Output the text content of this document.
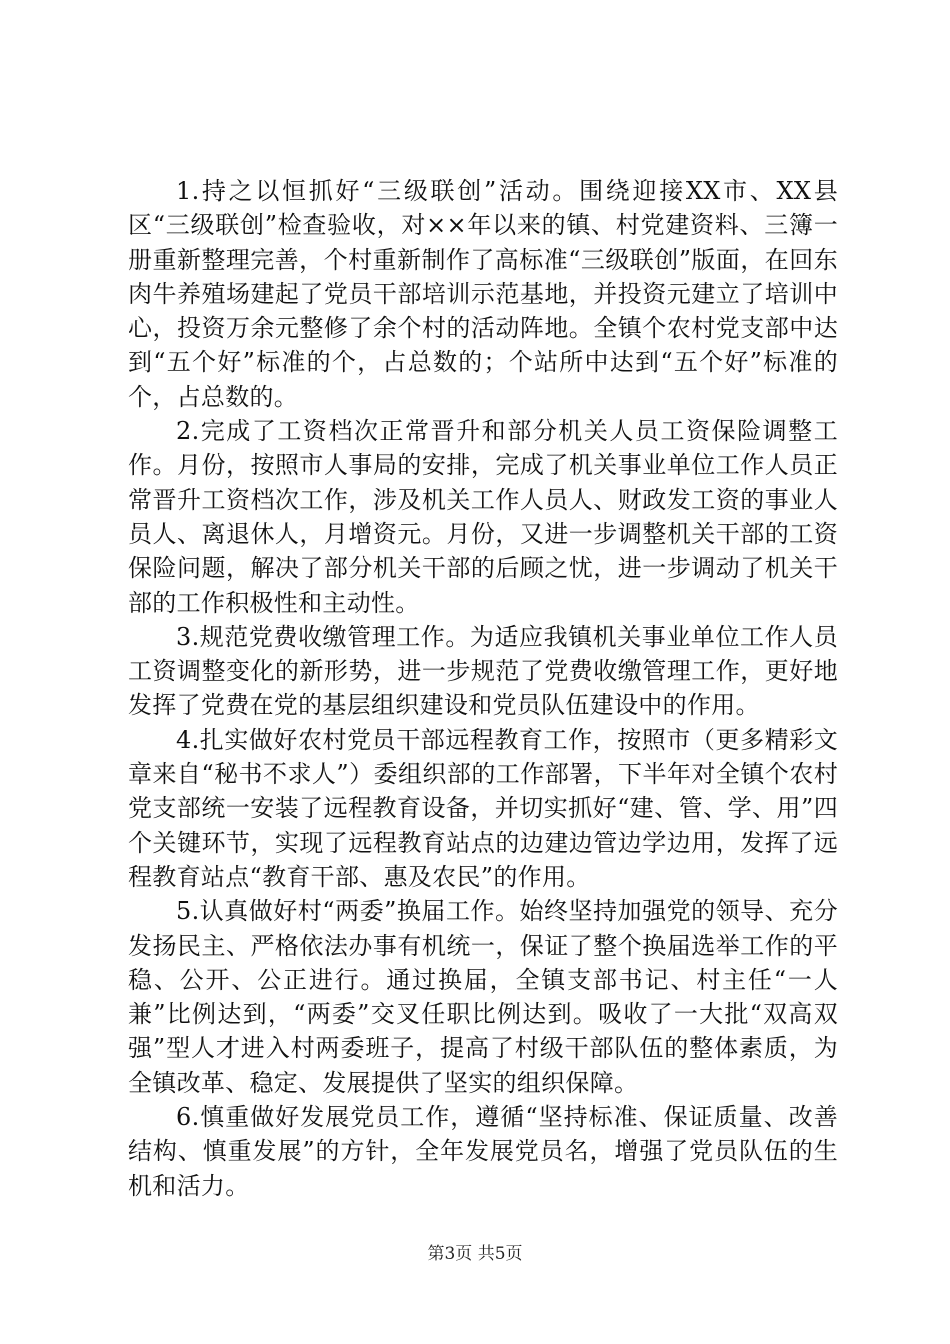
1.持之以恒抓好“三级联创”活动。围绕迎接XX市、XX县区“三级联创”检查验收，对××年以来的镇、村党建资料、三簿一册重新整理完善，个村重新制作了高标准“三级联创”版面，在回东肉牛养殖场建起了党员干部培训示范基地，并投资元建立了培训中心，投资万余元整修了余个村的活动阵地。全镇个农村党支部中达到“五个好”标准的个，占总数的；个站所中达到“五个好”标准的个，占总数的。

2.完成了工资档次正常晋升和部分机关人员工资保险调整工作。月份，按照市人事局的安排，完成了机关事业单位工作人员正常晋升工资档次工作，涉及机关工作人员人、财政发工资的事业人员人、离退休人，月增资元。月份，又进一步调整机关干部的工资保险问题，解决了部分机关干部的后顾之忧，进一步调动了机关干部的工作积极性和主动性。

3.规范党费收缴管理工作。为适应我镇机关事业单位工作人员工资调整变化的新形势，进一步规范了党费收缴管理工作，更好地发挥了党费在党的基层组织建设和党员队伍建设中的作用。

4.扎实做好农村党员干部远程教育工作，按照市（更多精彩文章来自“秘书不求人”）委组织部的工作部署，下半年对全镇个农村党支部统一安装了远程教育设备，并切实抓好“建、管、学、用”四个关键环节，实现了远程教育站点的边建边管边学边用，发挥了远程教育站点“教育干部、惠及农民”的作用。

5.认真做好村“两委”换届工作。始终坚持加强党的领导、充分发扬民主、严格依法办事有机统一，保证了整个换届选举工作的平稳、公开、公正进行。通过换届，全镇支部书记、村主任“一人兼”比例达到，“两委”交叉任职比例达到。吸收了一大批“双高双强”型人才进入村两委班子，提高了村级干部队伍的整体素质，为全镇改革、稳定、发展提供了坚实的组织保障。

6.慎重做好发展党员工作，遵循“坚持标准、保证质量、改善结构、慎重发展”的方针，全年发展党员名，增强了党员队伍的生机和活力。

第3页 共5页
